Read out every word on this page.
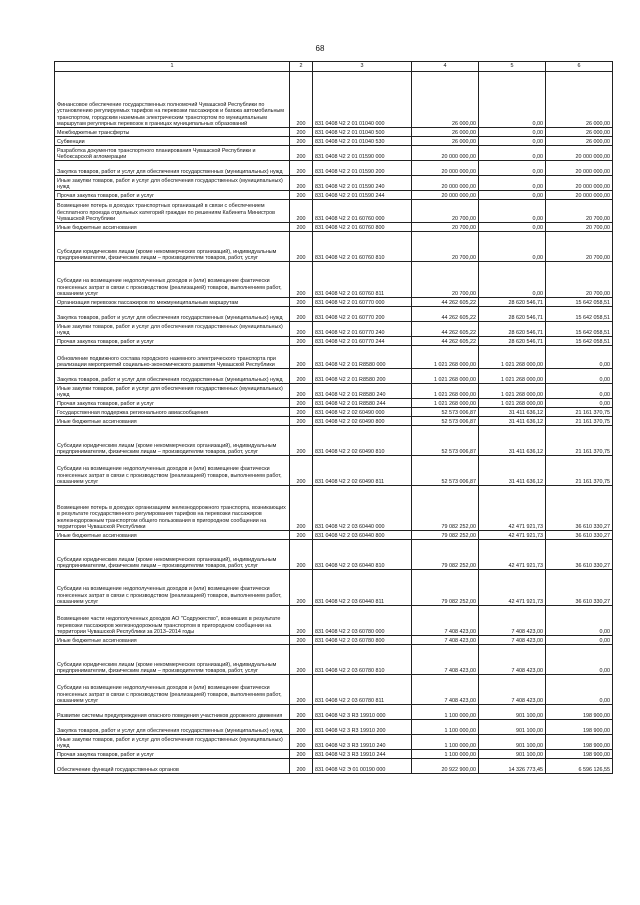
68
1	2	3	4	5	6
Финансовое обеспечение государственных полномочий Чувашской Республики по установлению регулируемых тарифов на перевозки пассажиров и багажа автомобильным транспортом, городским наземным электрическим транспортом по муниципальным маршрутам регулярных перевозок в границах муниципальных образований	200	831 0408 Ч2 2 01 01040 000	26 000,00	0,00	26 000,00
Межбюджетные трансферты	200	831 0408 Ч2 2 01 01040 500	26 000,00	0,00	26 000,00
Субвенции	200	831 0408 Ч2 2 01 01040 530	26 000,00	0,00	26 000,00
Разработка документов транспортного планирования Чувашской Республики и Чебоксарской агломерации	200	831 0408 Ч2 2 01 01590 000	20 000 000,00	0,00	20 000 000,00
Закупка товаров, работ и услуг для обеспечения государственных (муниципальных) нужд	200	831 0408 Ч2 2 01 01590 200	20 000 000,00	0,00	20 000 000,00
Иные закупки товаров, работ и услуг для обеспечения государственных (муниципальных) нужд	200	831 0408 Ч2 2 01 01590 240	20 000 000,00	0,00	20 000 000,00
Прочая закупка товаров, работ и услуг	200	831 0408 Ч2 2 01 01590 244	20 000 000,00	0,00	20 000 000,00
Возмещение потерь в доходах транспортных организаций в связи с обеспечением бесплатного проезда отдельных категорий граждан по решениям Кабинета Министров Чувашской Республики	200	831 0408 Ч2 2 01 60760 000	20 700,00	0,00	20 700,00
Иные бюджетные ассигнования	200	831 0408 Ч2 2 01 60760 800	20 700,00	0,00	20 700,00
Субсидии юридическим лицам (кроме некоммерческих организаций), индивидуальным предпринимателям, физическим лицам – производителям товаров, работ, услуг	200	831 0408 Ч2 2 01 60760 810	20 700,00	0,00	20 700,00
Субсидии на возмещение недополученных доходов и (или) возмещение фактически понесенных затрат в связи с производством (реализацией) товаров, выполнением работ, оказанием услуг	200	831 0408 Ч2 2 01 60760 811	20 700,00	0,00	20 700,00
Организация перевозок пассажиров по межмуниципальным маршрутам	200	831 0408 Ч2 2 01 60770 000	44 262 605,22	28 620 546,71	15 642 058,51
Закупка товаров, работ и услуг для обеспечения государственных (муниципальных) нужд	200	831 0408 Ч2 2 01 60770 200	44 262 605,22	28 620 546,71	15 642 058,51
Иные закупки товаров, работ и услуг для обеспечения государственных (муниципальных) нужд	200	831 0408 Ч2 2 01 60770 240	44 262 605,22	28 620 546,71	15 642 058,51
Прочая закупка товаров, работ и услуг	200	831 0408 Ч2 2 01 60770 244	44 262 605,22	28 620 546,71	15 642 058,51
Обновление подвижного состава городского наземного электрического транспорта при реализации мероприятий социально-экономического развития Чувашской Республики	200	831 0408 Ч2 2 01 R8580 000	1 021 268 000,00	1 021 268 000,00	0,00
Закупка товаров, работ и услуг для обеспечения государственных (муниципальных) нужд	200	831 0408 Ч2 2 01 R8580 200	1 021 268 000,00	1 021 268 000,00	0,00
Иные закупки товаров, работ и услуг для обеспечения государственных (муниципальных) нужд	200	831 0408 Ч2 2 01 R8580 240	1 021 268 000,00	1 021 268 000,00	0,00
Прочая закупка товаров, работ и услуг	200	831 0408 Ч2 2 01 R8580 244	1 021 268 000,00	1 021 268 000,00	0,00
Государственная поддержка регионального авиасообщения	200	831 0408 Ч2 2 02 60490 000	52 573 006,87	31 411 636,12	21 161 370,75
Иные бюджетные ассигнования	200	831 0408 Ч2 2 02 60490 800	52 573 006,87	31 411 636,12	21 161 370,75
Субсидии юридическим лицам (кроме некоммерческих организаций), индивидуальным предпринимателям, физическим лицам – производителям товаров, работ, услуг	200	831 0408 Ч2 2 02 60490 810	52 573 006,87	31 411 636,12	21 161 370,75
Субсидии на возмещение недополученных доходов и (или) возмещение фактически понесенных затрат в связи с производством (реализацией) товаров, выполнением работ, оказанием услуг	200	831 0408 Ч2 2 02 60490 811	52 573 006,87	31 411 636,12	21 161 370,75
Возмещение потерь в доходах организациям железнодорожного транспорта, возникающих в результате государственного регулирования тарифов на перевозки пассажиров железнодорожным транспортом общего пользования в пригородном сообщении на территории Чувашской Республики	200	831 0408 Ч2 2 03 60440 000	79 082 252,00	42 471 921,73	36 610 330,27
Иные бюджетные ассигнования	200	831 0408 Ч2 2 03 60440 800	79 082 252,00	42 471 921,73	36 610 330,27
Субсидии юридическим лицам (кроме некоммерческих организаций), индивидуальным предпринимателям, физическим лицам – производителям товаров, работ, услуг	200	831 0408 Ч2 2 03 60440 810	79 082 252,00	42 471 921,73	36 610 330,27
Субсидии на возмещение недополученных доходов и (или) возмещение фактически понесенных затрат в связи с производством (реализацией) товаров, выполнением работ, оказанием услуг	200	831 0408 Ч2 2 03 60440 811	79 082 252,00	42 471 921,73	36 610 330,27
Возмещение части недополученных доходов АО "Содружество", возникших в результате перевозки пассажиров железнодорожным транспортом в пригородном сообщении на территории Чувашской Республики за 2013–2014 годы	200	831 0408 Ч2 2 03 60780 000	7 408 423,00	7 408 423,00	0,00
Иные бюджетные ассигнования	200	831 0408 Ч2 2 03 60780 800	7 408 423,00	7 408 423,00	0,00
Субсидии юридическим лицам (кроме некоммерческих организаций), индивидуальным предпринимателям, физическим лицам – производителям товаров, работ, услуг	200	831 0408 Ч2 2 03 60780 810	7 408 423,00	7 408 423,00	0,00
Субсидии на возмещение недополученных доходов и (или) возмещение фактически понесенных затрат в связи с производством (реализацией) товаров, выполнением работ, оказанием услуг	200	831 0408 Ч2 2 03 60780 811	7 408 423,00	7 408 423,00	0,00
Развитие системы предупреждения опасного поведения участников дорожного движения	200	831 0408 Ч2 3 R3 19910 000	1 100 000,00	901 100,00	198 900,00
Закупка товаров, работ и услуг для обеспечения государственных (муниципальных) нужд	200	831 0408 Ч2 3 R3 19910 200	1 100 000,00	901 100,00	198 900,00
Иные закупки товаров, работ и услуг для обеспечения государственных (муниципальных) нужд	200	831 0408 Ч2 3 R3 19910 240	1 100 000,00	901 100,00	198 900,00
Прочая закупка товаров, работ и услуг	200	831 0408 Ч2 3 R3 19910 244	1 100 000,00	901 100,00	198 900,00
Обеспечение функций государственных органов	200	831 0408 Ч2 Э 01 00190 000	20 922 900,00	14 326 773,45	6 596 126,55
